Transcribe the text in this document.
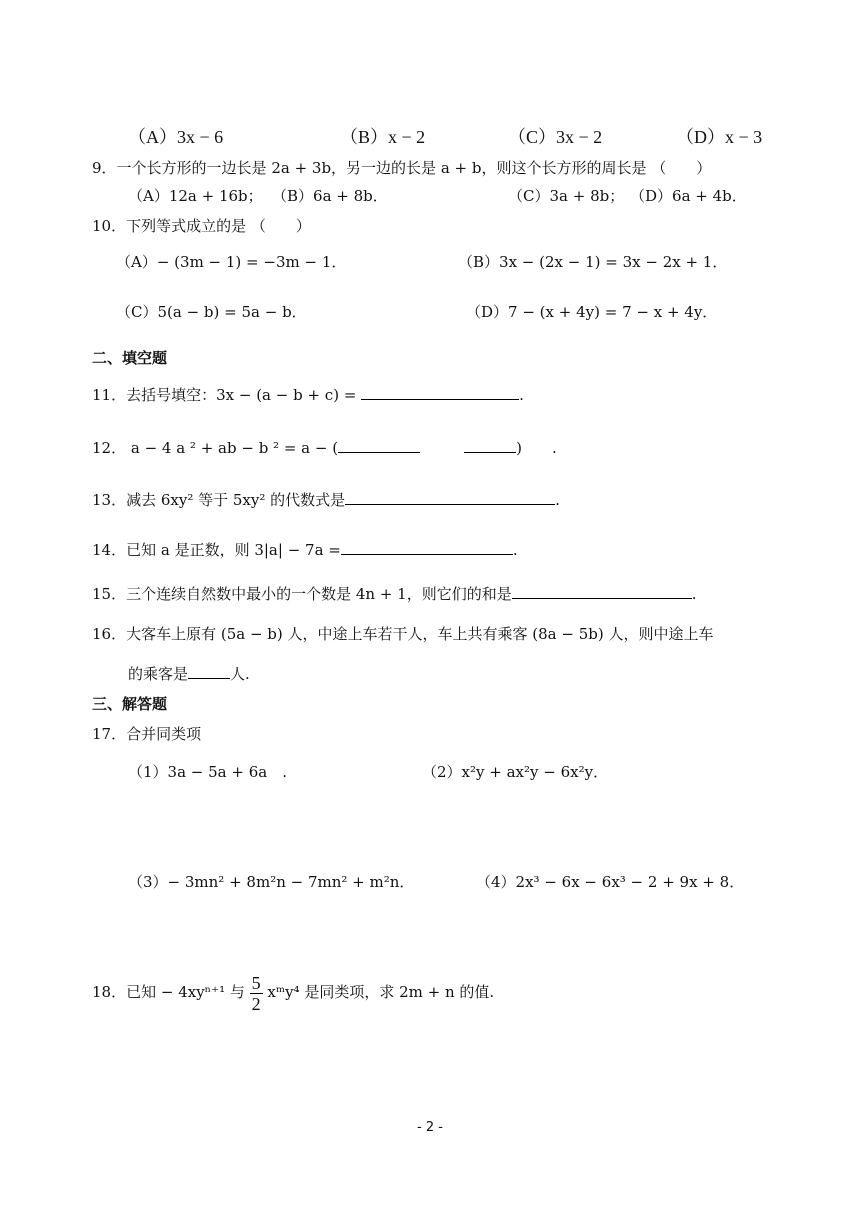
（A）3x − 6	（B）x − 2	（C）3x − 2	（D）x − 3
9．一个长方形的一边长是 2a + 3b，另一边的长是 a + b，则这个长方形的周长是 （　　）
（A）12a + 16b； （B）6a + 8b．	（C）3a + 8b； （D）6a + 4b．
10．下列等式成立的是 （　　）
（A）− (3m − 1) = −3m − 1．	（B）3x − (2x − 1) = 3x − 2x + 1．
（C）5(a − b) = 5a − b．	（D）7 − (x + 4y) = 7 − x + 4y．
二、填空题
11．去括号填空：3x − (a − b + c) =	.
12． a − 4 a ² + ab − b ² = a − (	)　　.
13．减去 6xy² 等于 5xy² 的代数式是	.
14．已知 a 是正数，则 3|a| − 7a =	.
15．三个连续自然数中最小的一个数是 4n + 1，则它们的和是	.
16．大客车上原有 (5a − b) 人，中途上车若干人，车上共有乘客 (8a − 5b) 人，则中途上车
的乘客是	人.
三、解答题
17．合并同类项
（1）3a − 5a + 6a　.	（2）x²y + ax²y − 6x²y．
（3）− 3mn² + 8m²n − 7mn² + m²n．	（4）2x³ − 6x − 6x³ − 2 + 9x + 8．
18．已知 − 4xyⁿ⁺¹ 与 $\frac{5}{2}$ xᵐy⁴ 是同类项，求 2m + n 的值.
- 2 -
